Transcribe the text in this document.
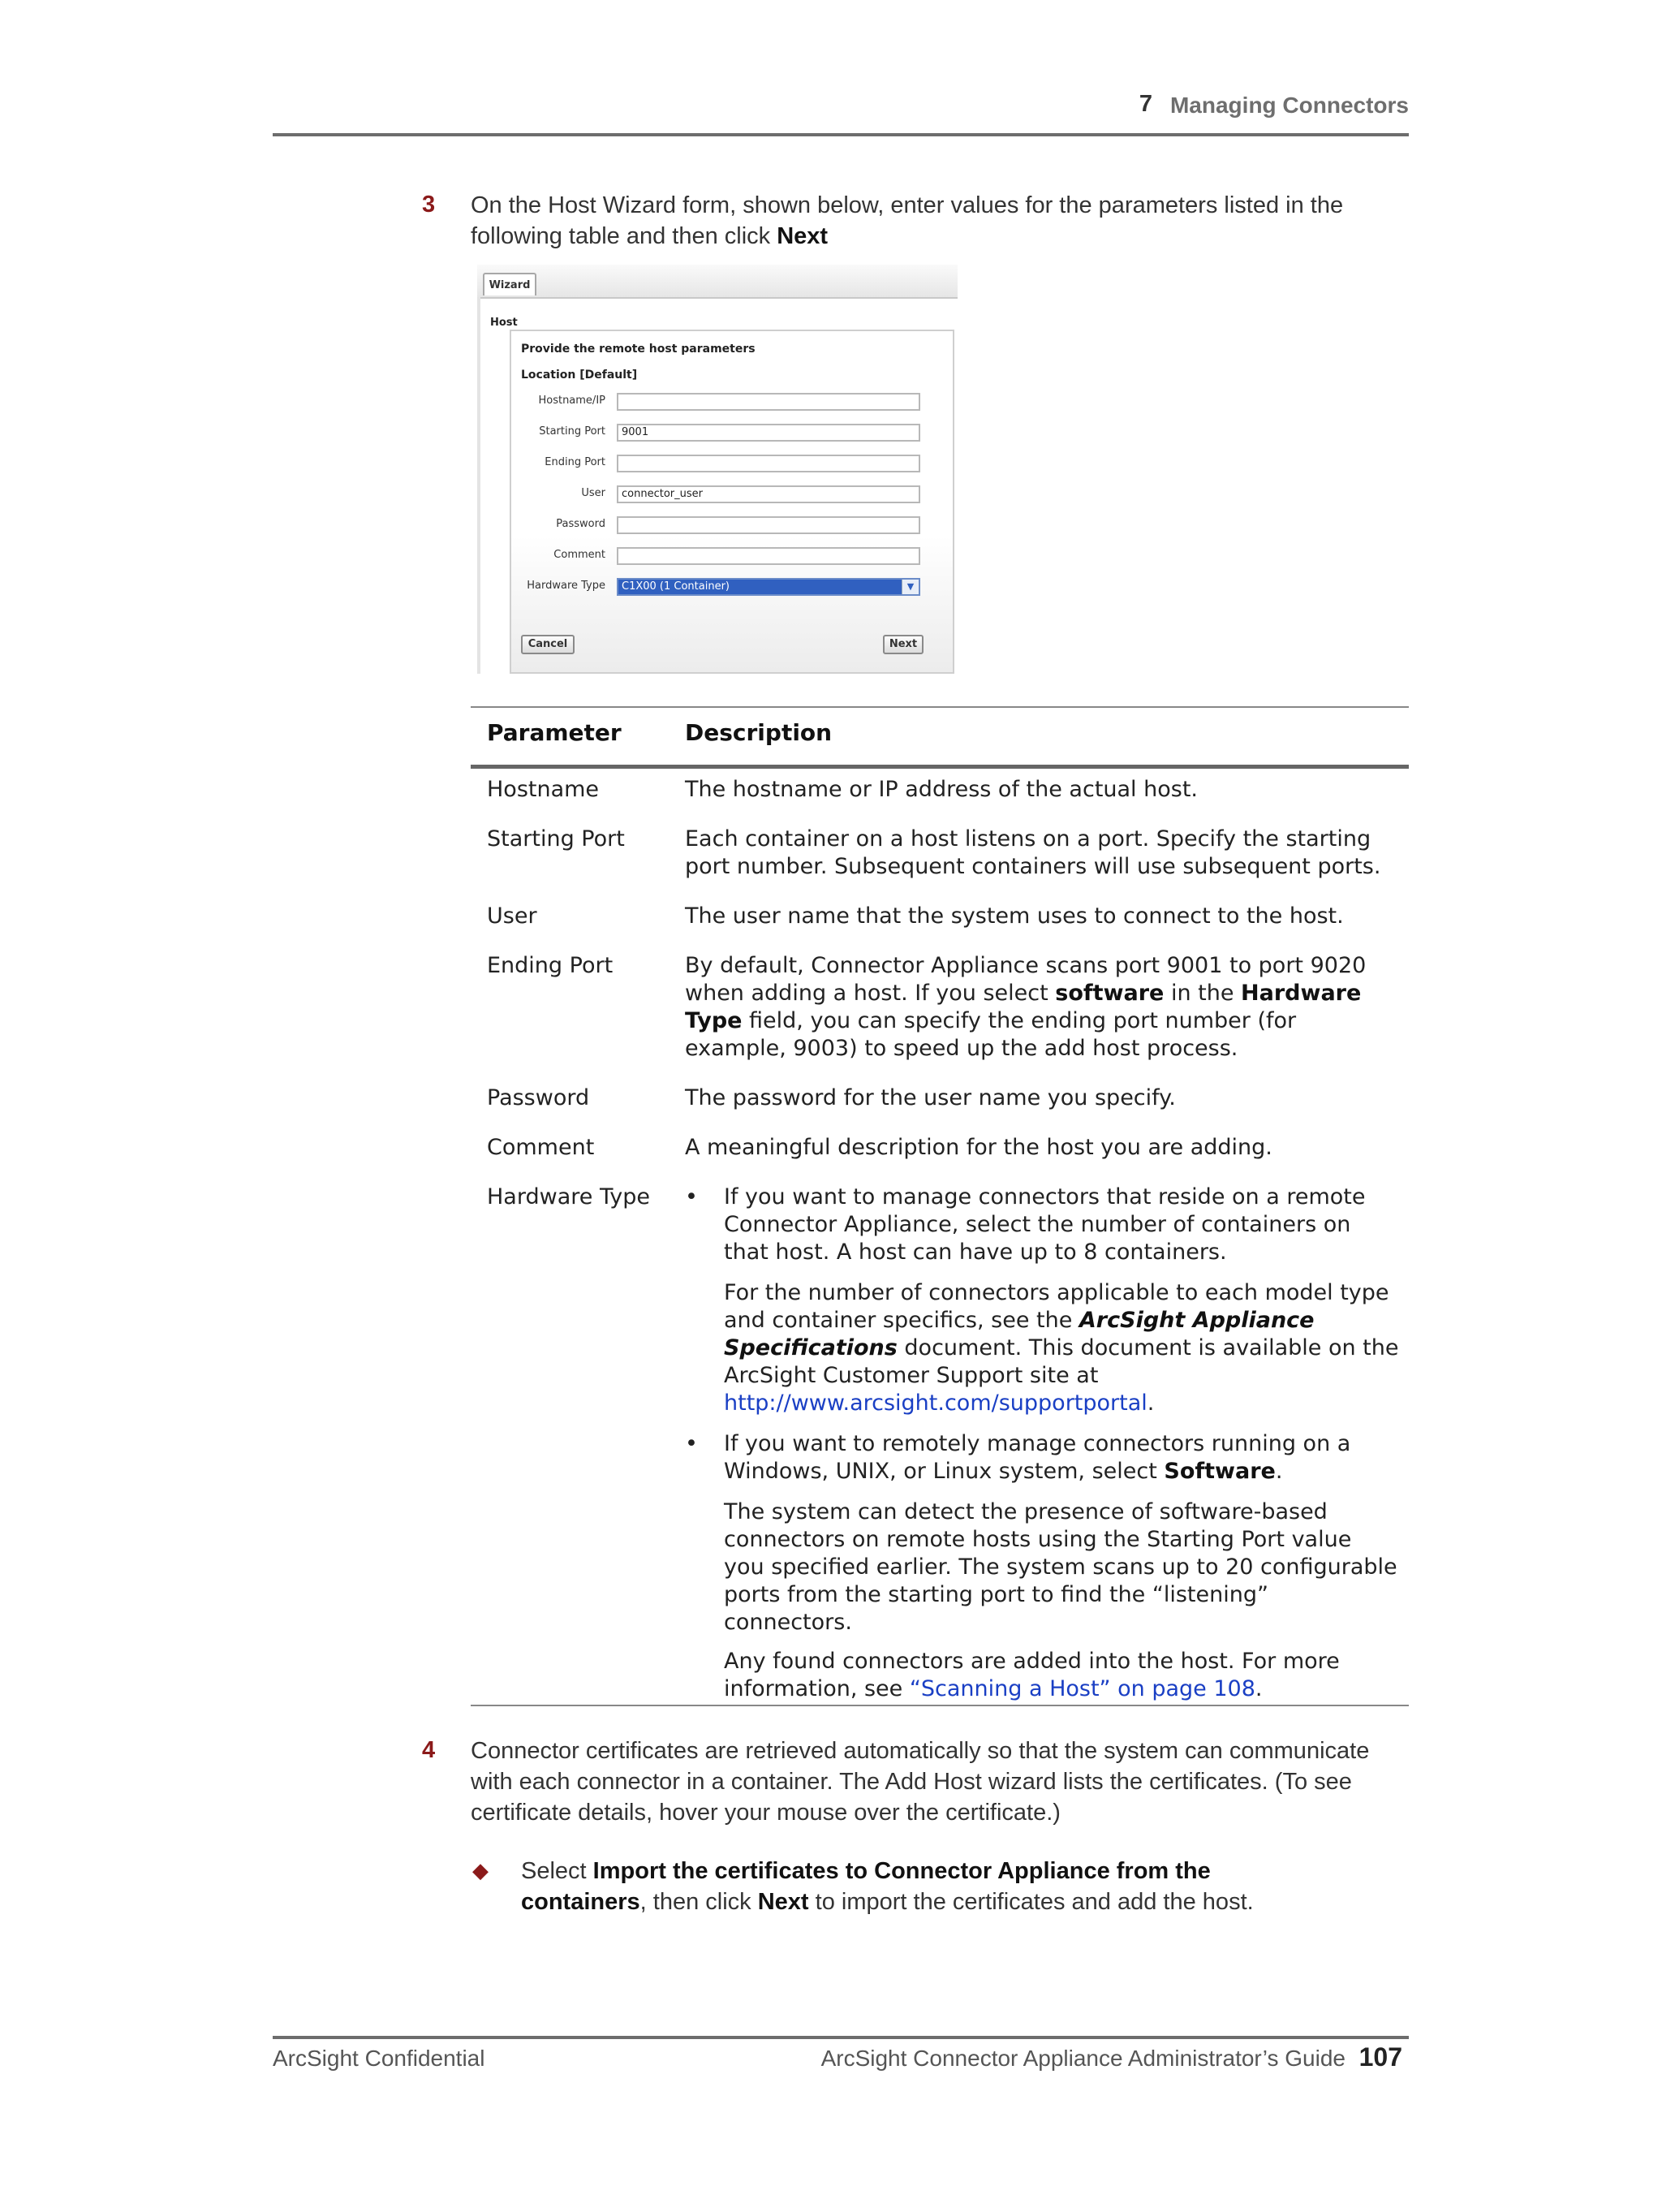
7 Managing Connectors
3 On the Host Wizard form, shown below, enter values for the parameters listed in the following table and then click Next
Wizard
Host
Provide the remote host parameters
Location [Default]
Hostname/IP
Starting Port	9001
Ending Port
User	connector_user
Password
Comment
Hardware Type	C1X00 (1 Container)	▼
Cancel	Next
Parameter	Description
Hostname	The hostname or IP address of the actual host.
Starting Port	Each container on a host listens on a port. Specify the starting
port number. Subsequent containers will use subsequent ports.
User	The user name that the system uses to connect to the host.
Ending Port	By default, Connector Appliance scans port 9001 to port 9020
when adding a host. If you select software in the Hardware
Type field, you can specify the ending port number (for
example, 9003) to speed up the add host process.
Password	The password for the user name you specify.
Comment	A meaningful description for the host you are adding.
Hardware Type • If you want to manage connectors that reside on a remote
Connector Appliance, select the number of containers on
that host. A host can have up to 8 containers.
For the number of connectors applicable to each model type
and container specifics, see the ArcSight Appliance
Specifications document. This document is available on the
ArcSight Customer Support site at
http://www.arcsight.com/supportportal.
• If you want to remotely manage connectors running on a
Windows, UNIX, or Linux system, select Software.
The system can detect the presence of software-based
connectors on remote hosts using the Starting Port value
you specified earlier. The system scans up to 20 configurable
ports from the starting port to find the “listening”
connectors.
Any found connectors are added into the host. For more
information, see “Scanning a Host” on page 108.
4 Connector certificates are retrieved automatically so that the system can communicate
with each connector in a container. The Add Host wizard lists the certificates. (To see
certificate details, hover your mouse over the certificate.)
◆ Select Import the certificates to Connector Appliance from the
containers, then click Next to import the certificates and add the host.
ArcSight Confidential	ArcSight Connector Appliance Administrator’s Guide 107
